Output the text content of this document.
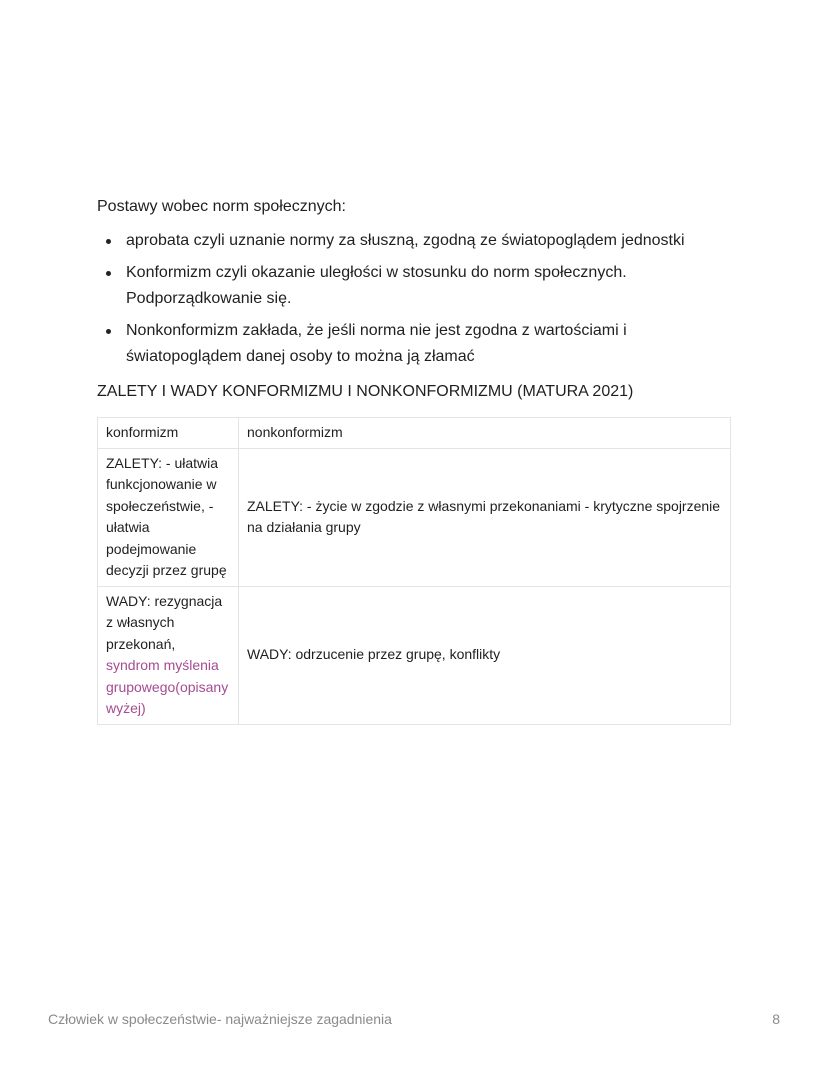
Postawy wobec norm społecznych:
aprobata czyli uznanie normy za słuszną, zgodną ze światopoglądem jednostki
Konformizm czyli okazanie uległości w stosunku do norm społecznych. Podporządkowanie się.
Nonkonformizm zakłada, że jeśli norma nie jest zgodna z wartościami i światopoglądem danej osoby to można ją złamać
ZALETY I WADY KONFORMIZMU I NONKONFORMIZMU (MATURA 2021)
konformizm	nonkonformizm
ZALETY: - ułatwia funkcjonowanie w społeczeństwie, - ułatwia podejmowanie decyzji przez grupę	ZALETY: - życie w zgodzie z własnymi przekonaniami - krytyczne spojrzenie na działania grupy
WADY: rezygnacja z własnych przekonań, syndrom myślenia grupowego(opisany wyżej)	WADY: odrzucenie przez grupę, konflikty
Człowiek w społeczeństwie- najważniejsze zagadnienia	8
